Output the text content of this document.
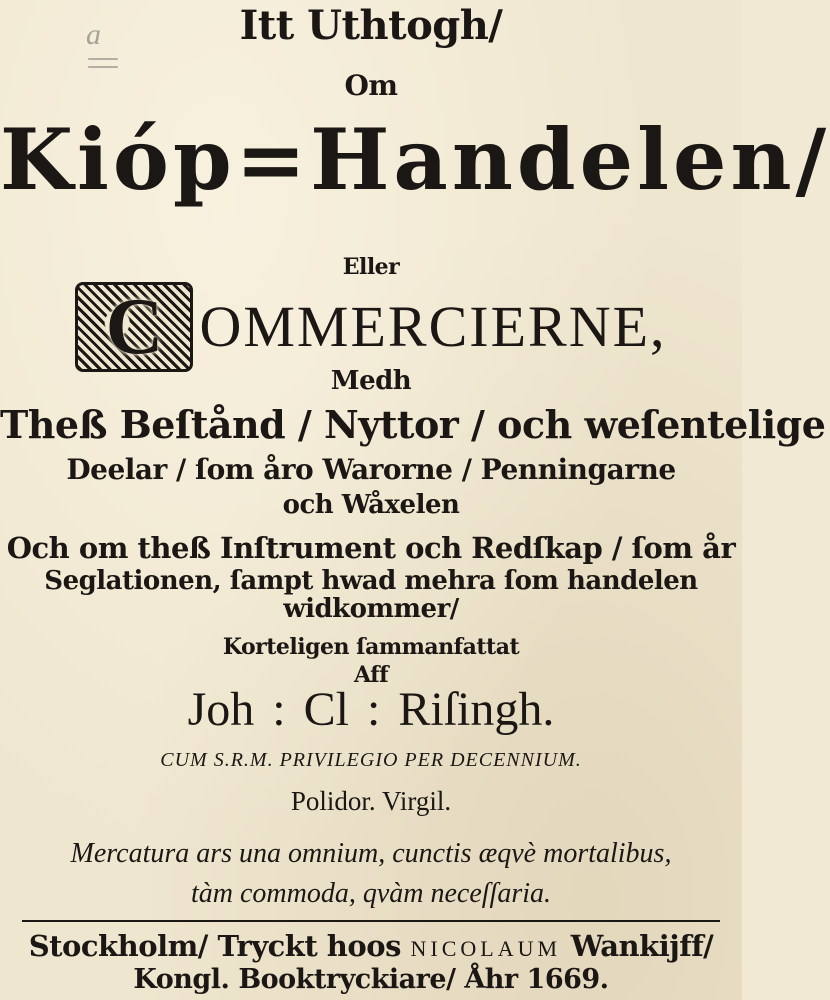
a	Itt Uthtogh/
Om
Kióp=Handelen/
Eller
C OMMERCIERNE,
Medh
Theß Beſtånd / Nyttor / och weſentelige
Deelar / ſom åro Warorne / Penningarne
och Wåxelen
Och om theß Inſtrument och Redſkap / ſom år
Seglationen, ſampt hwad mehra ſom handelen
widkommer/
Korteligen ſammanfattat
Aff
Joh : Cl : Riſingh.
CUM S.R.M. PRIVILEGIO PER DECENNIUM.
Polidor. Virgil.
Mercatura ars una omnium, cunctis æqvè mortalibus,
tàm commoda, qvàm neceſſaria.
Stockholm/ Tryckt hoos NICOLAUM Wankijff/
Kongl. Booktryckiare/ Åhr 1669.
